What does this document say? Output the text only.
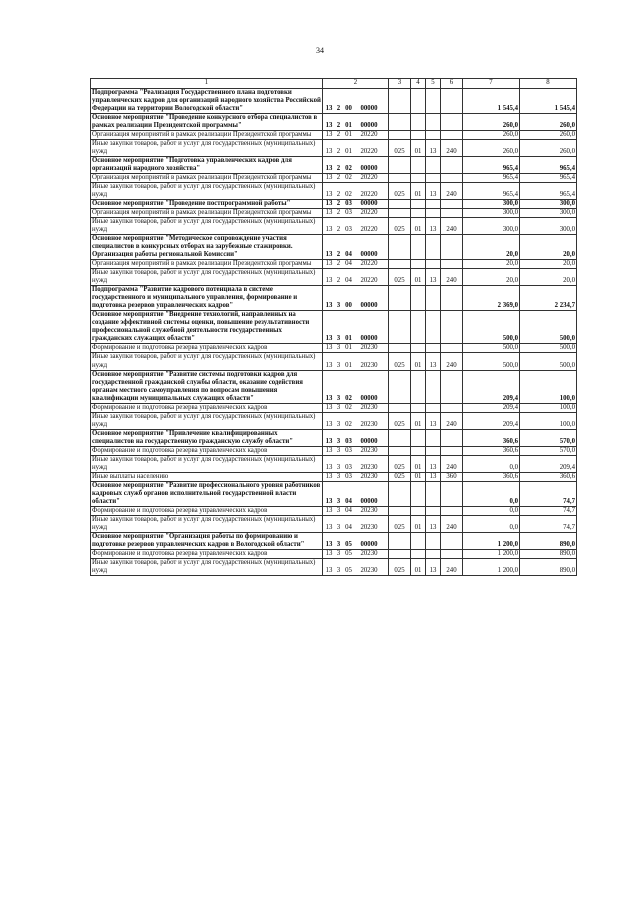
34
1	2	3	4	5	6	7	8
Подпрограмма "Реализация Государственного плана подготовки управленческих кадров для организаций народного хозяйства Российской Федерации на территории Вологодской области"	13 2 00 00000					1 545,4	1 545,4
Основное мероприятие "Проведение конкурсного отбора специалистов в рамках реализации Президентской программы"	13 2 01 00000					260,0	260,0
Организация мероприятий в рамках реализации Президентской программы	13 2 01 20220					260,0	260,0
Иные закупки товаров, работ и услуг для государственных (муниципальных) нужд	13 2 01 20220	025	01	13	240	260,0	260,0
Основное мероприятие "Подготовка управленческих кадров для организаций народного хозяйства"	13 2 02 00000					965,4	965,4
Организация мероприятий в рамках реализации Президентской программы	13 2 02 20220					965,4	965,4
Иные закупки товаров, работ и услуг для государственных (муниципальных) нужд	13 2 02 20220	025	01	13	240	965,4	965,4
Основное мероприятие "Проведение постпрограммной работы"	13 2 03 00000					300,0	300,0
Организация мероприятий в рамках реализации Президентской программы	13 2 03 20220					300,0	300,0
Иные закупки товаров, работ и услуг для государственных (муниципальных) нужд	13 2 03 20220	025	01	13	240	300,0	300,0
Основное мероприятие "Методическое сопровождение участия специалистов в конкурсных отборах на зарубежные стажировки. Организация работы региональной Комиссии"	13 2 04 00000					20,0	20,0
Организация мероприятий в рамках реализации Президентской программы	13 2 04 20220					20,0	20,0
Иные закупки товаров, работ и услуг для государственных (муниципальных) нужд	13 2 04 20220	025	01	13	240	20,0	20,0
Подпрограмма "Развитие кадрового потенциала в системе государственного и муниципального управления, формирование и подготовка резервов управленческих кадров"	13 3 00 00000					2 369,0	2 234,7
Основное мероприятие "Внедрение технологий, направленных на создание эффективной системы оценки, повышение результативности профессиональной служебной деятельности государственных гражданских служащих области"	13 3 01 00000					500,0	500,0
Формирование и подготовка резерва управленческих кадров	13 3 01 20230					500,0	500,0
Иные закупки товаров, работ и услуг для государственных (муниципальных) нужд	13 3 01 20230	025	01	13	240	500,0	500,0
Основное мероприятие "Развитие системы подготовки кадров для государственной гражданской службы области, оказание содействия органам местного самоуправления по вопросам повышения квалификации муниципальных служащих области"	13 3 02 00000					209,4	100,0
Формирование и подготовка резерва управленческих кадров	13 3 02 20230					209,4	100,0
Иные закупки товаров, работ и услуг для государственных (муниципальных) нужд	13 3 02 20230	025	01	13	240	209,4	100,0
Основное мероприятие "Привлечение квалифицированных специалистов на государственную гражданскую службу области"	13 3 03 00000					360,6	570,0
Формирование и подготовка резерва управленческих кадров	13 3 03 20230					360,6	570,0
Иные закупки товаров, работ и услуг для государственных (муниципальных) нужд	13 3 03 20230	025	01	13	240	0,0	209,4
Иные выплаты населению	13 3 03 20230	025	01	13	360	360,6	360,6
Основное мероприятие "Развитие профессионального уровня работников кадровых служб органов исполнительной государственной власти области"	13 3 04 00000					0,0	74,7
Формирование и подготовка резерва управленческих кадров	13 3 04 20230					0,0	74,7
Иные закупки товаров, работ и услуг для государственных (муниципальных) нужд	13 3 04 20230	025	01	13	240	0,0	74,7
Основное мероприятие "Организация работы по формированию и подготовке резервов управленческих кадров в Вологодской области"	13 3 05 00000					1 200,0	890,0
Формирование и подготовка резерва управленческих кадров	13 3 05 20230					1 200,0	890,0
Иные закупки товаров, работ и услуг для государственных (муниципальных) нужд	13 3 05 20230	025	01	13	240	1 200,0	890,0
